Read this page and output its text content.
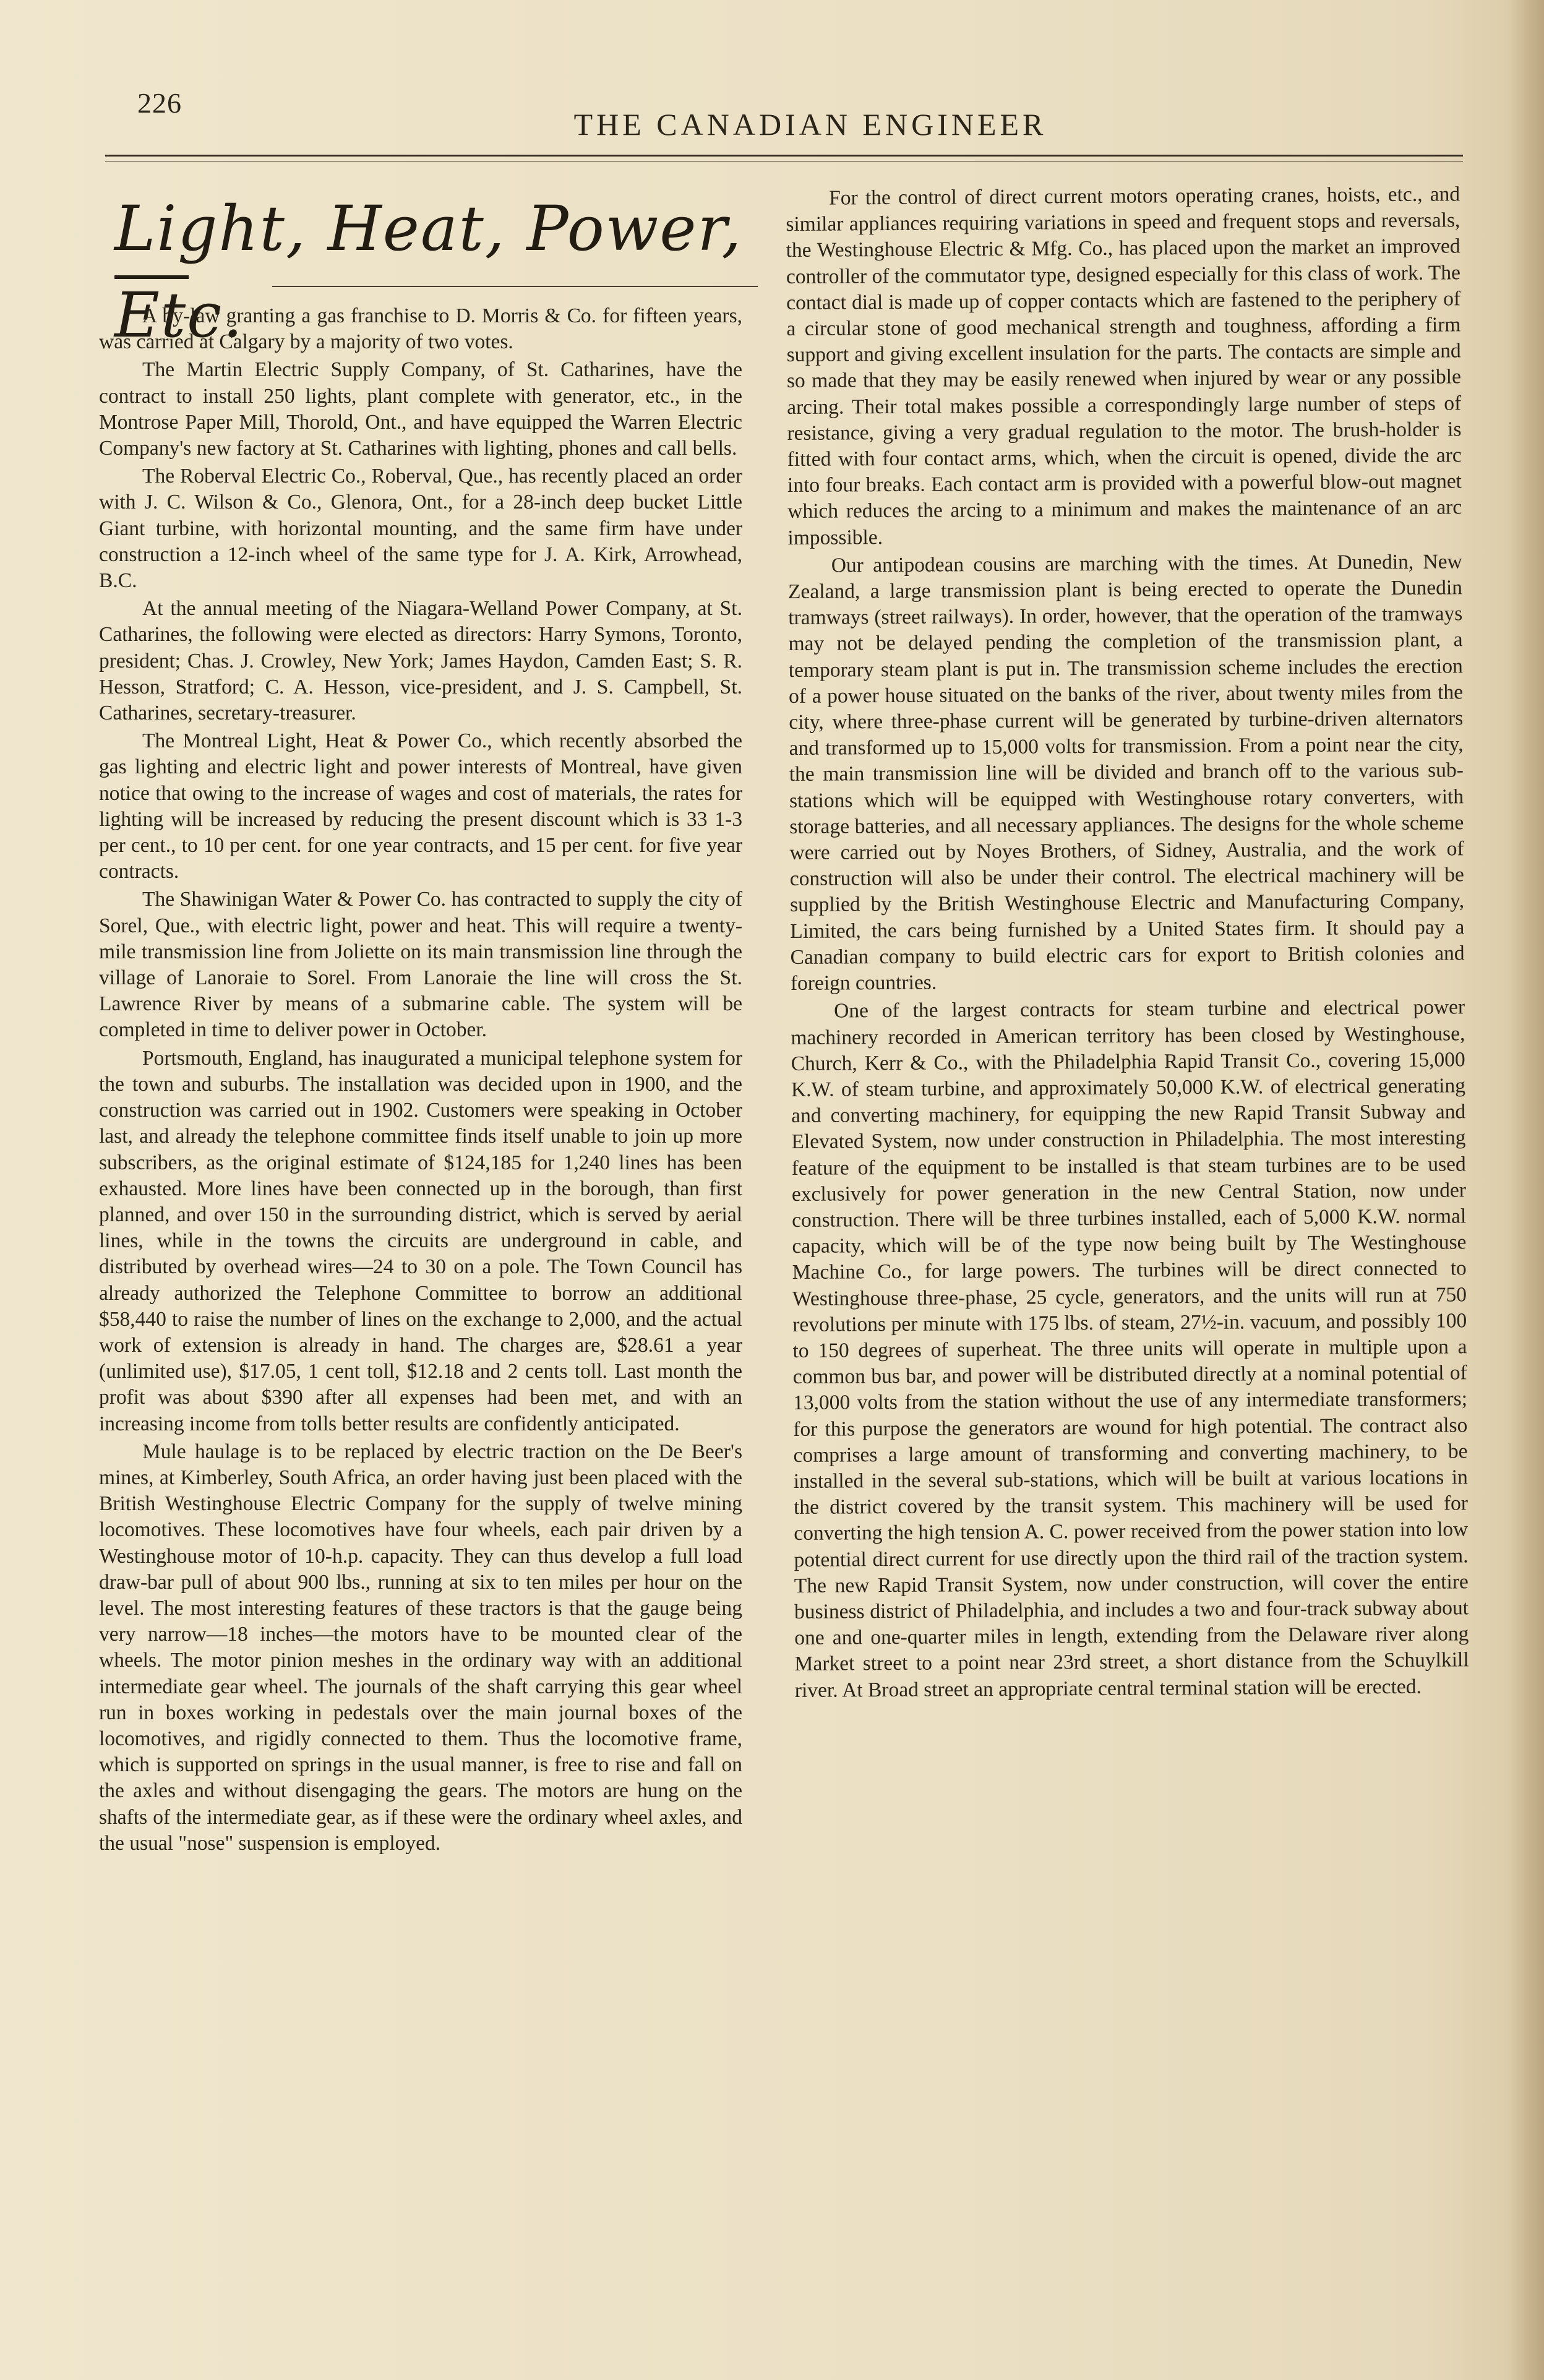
226
THE CANADIAN ENGINEER
Light, Heat, Power, Etc.

A by-law granting a gas franchise to D. Morris & Co. for fifteen years, was carried at Calgary by a majority of two votes.

The Martin Electric Supply Company, of St. Catharines, have the contract to install 250 lights, plant complete with generator, etc., in the Montrose Paper Mill, Thorold, Ont., and have equipped the Warren Electric Company's new factory at St. Catharines with lighting, phones and call bells.

The Roberval Electric Co., Roberval, Que., has recently placed an order with J. C. Wilson & Co., Glenora, Ont., for a 28-inch deep bucket Little Giant turbine, with horizontal mounting, and the same firm have under construction a 12-inch wheel of the same type for J. A. Kirk, Arrowhead, B.C.

At the annual meeting of the Niagara-Welland Power Company, at St. Catharines, the following were elected as directors: Harry Symons, Toronto, president; Chas. J. Crowley, New York; James Haydon, Camden East; S. R. Hesson, Stratford; C. A. Hesson, vice-president, and J. S. Campbell, St. Catharines, secretary-treasurer.

The Montreal Light, Heat & Power Co., which recently absorbed the gas lighting and electric light and power interests of Montreal, have given notice that owing to the increase of wages and cost of materials, the rates for lighting will be increased by reducing the present discount which is 33 1-3 per cent., to 10 per cent. for one year contracts, and 15 per cent. for five year contracts.

The Shawinigan Water & Power Co. has contracted to supply the city of Sorel, Que., with electric light, power and heat. This will require a twenty-mile transmission line from Joliette on its main transmission line through the village of Lanoraie to Sorel. From Lanoraie the line will cross the St. Lawrence River by means of a submarine cable. The system will be completed in time to deliver power in October.

Portsmouth, England, has inaugurated a municipal telephone system for the town and suburbs. The installation was decided upon in 1900, and the construction was carried out in 1902. Customers were speaking in October last, and already the telephone committee finds itself unable to join up more subscribers, as the original estimate of $124,185 for 1,240 lines has been exhausted. More lines have been connected up in the borough, than first planned, and over 150 in the surrounding district, which is served by aerial lines, while in the towns the circuits are underground in cable, and distributed by overhead wires—24 to 30 on a pole. The Town Council has already authorized the Telephone Committee to borrow an additional $58,440 to raise the number of lines on the exchange to 2,000, and the actual work of extension is already in hand. The charges are, $28.61 a year (unlimited use), $17.05, 1 cent toll, $12.18 and 2 cents toll. Last month the profit was about $390 after all expenses had been met, and with an increasing income from tolls better results are confidently anticipated.

Mule haulage is to be replaced by electric traction on the De Beer's mines, at Kimberley, South Africa, an order having just been placed with the British Westinghouse Electric Company for the supply of twelve mining locomotives. These locomotives have four wheels, each pair driven by a Westinghouse motor of 10-h.p. capacity. They can thus develop a full load draw-bar pull of about 900 lbs., running at six to ten miles per hour on the level. The most interesting features of these tractors is that the gauge being very narrow—18 inches—the motors have to be mounted clear of the wheels. The motor pinion meshes in the ordinary way with an additional intermediate gear wheel. The journals of the shaft carrying this gear wheel run in boxes working in pedestals over the main journal boxes of the locomotives, and rigidly connected to them. Thus the locomotive frame, which is supported on springs in the usual manner, is free to rise and fall on the axles and without disengaging the gears. The motors are hung on the shafts of the intermediate gear, as if these were the ordinary wheel axles, and the usual "nose" suspension is employed.

For the control of direct current motors operating cranes, hoists, etc., and similar appliances requiring variations in speed and frequent stops and reversals, the Westinghouse Electric & Mfg. Co., has placed upon the market an improved controller of the commutator type, designed especially for this class of work. The contact dial is made up of copper contacts which are fastened to the periphery of a circular stone of good mechanical strength and toughness, affording a firm support and giving excellent insulation for the parts. The contacts are simple and so made that they may be easily renewed when injured by wear or any possible arcing. Their total makes possible a correspondingly large number of steps of resistance, giving a very gradual regulation to the motor. The brush-holder is fitted with four contact arms, which, when the circuit is opened, divide the arc into four breaks. Each contact arm is provided with a powerful blow-out magnet which reduces the arcing to a minimum and makes the maintenance of an arc impossible.

Our antipodean cousins are marching with the times. At Dunedin, New Zealand, a large transmission plant is being erected to operate the Dunedin tramways (street railways). In order, however, that the operation of the tramways may not be delayed pending the completion of the transmission plant, a temporary steam plant is put in. The transmission scheme includes the erection of a power house situated on the banks of the river, about twenty miles from the city, where three-phase current will be generated by turbine-driven alternators and transformed up to 15,000 volts for transmission. From a point near the city, the main transmission line will be divided and branch off to the various sub-stations which will be equipped with Westinghouse rotary converters, with storage batteries, and all necessary appliances. The designs for the whole scheme were carried out by Noyes Brothers, of Sidney, Australia, and the work of construction will also be under their control. The electrical machinery will be supplied by the British Westinghouse Electric and Manufacturing Company, Limited, the cars being furnished by a United States firm. It should pay a Canadian company to build electric cars for export to British colonies and foreign countries.

One of the largest contracts for steam turbine and electrical power machinery recorded in American territory has been closed by Westinghouse, Church, Kerr & Co., with the Philadelphia Rapid Transit Co., covering 15,000 K.W. of steam turbine, and approximately 50,000 K.W. of electrical generating and converting machinery, for equipping the new Rapid Transit Subway and Elevated System, now under construction in Philadelphia. The most interesting feature of the equipment to be installed is that steam turbines are to be used exclusively for power generation in the new Central Station, now under construction. There will be three turbines installed, each of 5,000 K.W. normal capacity, which will be of the type now being built by The Westinghouse Machine Co., for large powers. The turbines will be direct connected to Westinghouse three-phase, 25 cycle, generators, and the units will run at 750 revolutions per minute with 175 lbs. of steam, 27½-in. vacuum, and possibly 100 to 150 degrees of superheat. The three units will operate in multiple upon a common bus bar, and power will be distributed directly at a nominal potential of 13,000 volts from the station without the use of any intermediate transformers; for this purpose the generators are wound for high potential. The contract also comprises a large amount of transforming and converting machinery, to be installed in the several sub-stations, which will be built at various locations in the district covered by the transit system. This machinery will be used for converting the high tension A. C. power received from the power station into low potential direct current for use directly upon the third rail of the traction system. The new Rapid Transit System, now under construction, will cover the entire business district of Philadelphia, and includes a two and four-track subway about one and one-quarter miles in length, extending from the Delaware river along Market street to a point near 23rd street, a short distance from the Schuylkill river. At Broad street an appropriate central terminal station will be erected.
